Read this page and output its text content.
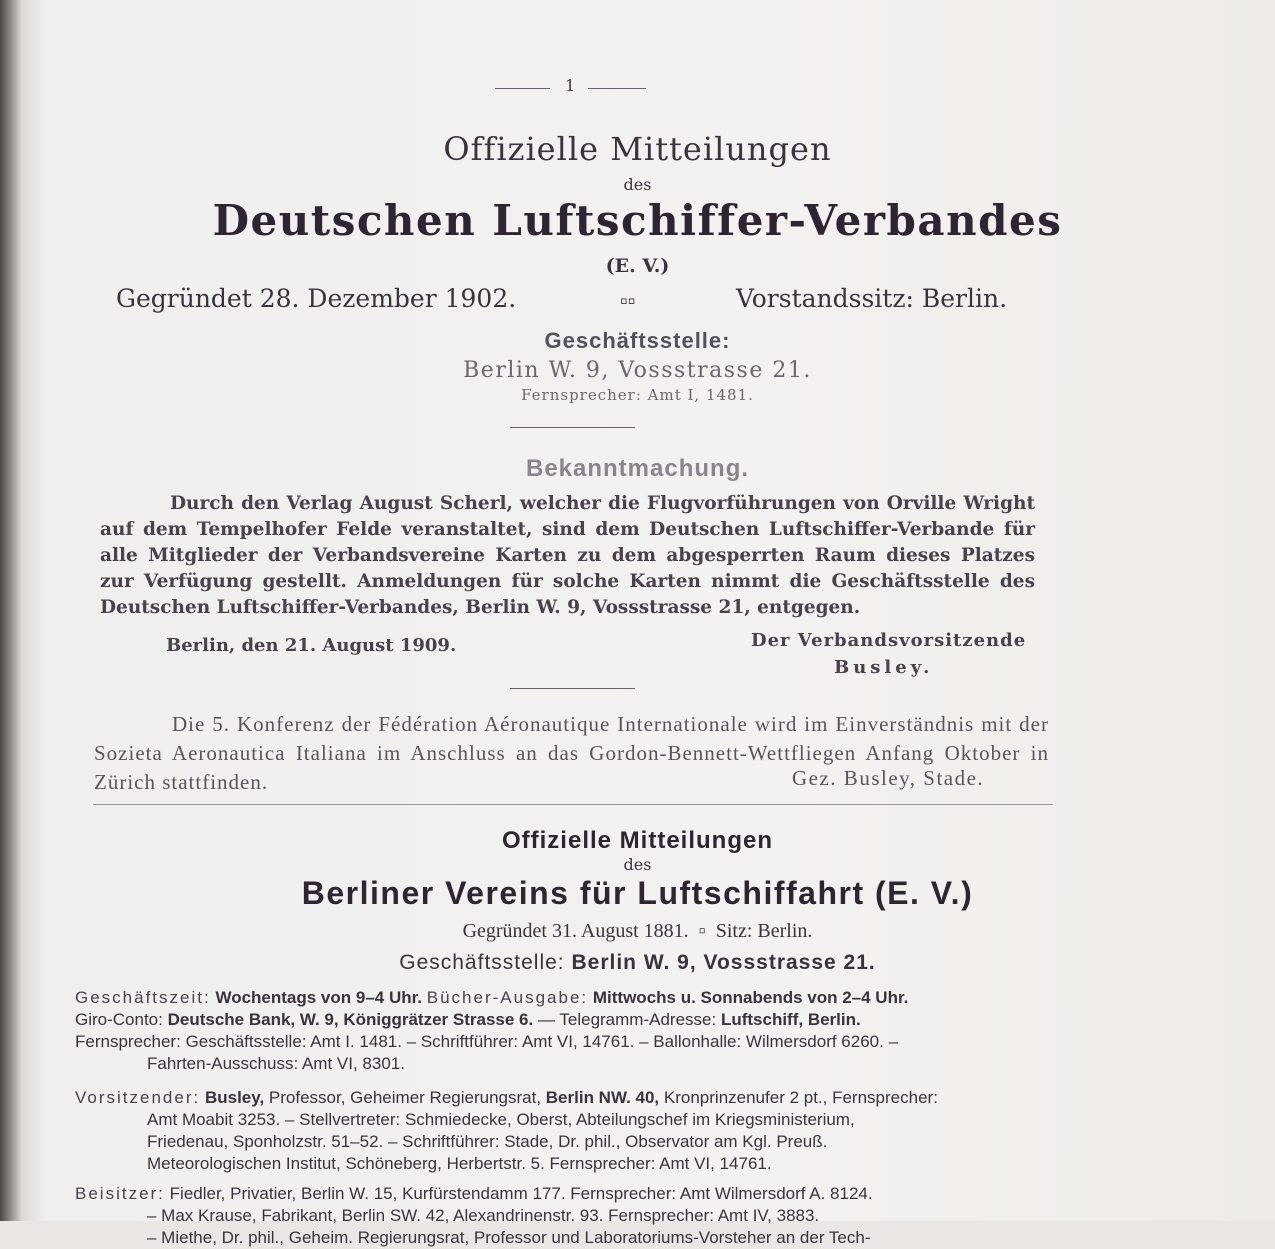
1
Offizielle Mitteilungen
des
Deutschen Luftschiffer-Verbandes
(E. V.)
Gegründet 28. Dezember 1902.	▫▫	Vorstandssitz: Berlin.
Geschäftsstelle:
Berlin W. 9, Vossstrasse 21.
Fernsprecher: Amt I, 1481.
Bekanntmachung.
Durch den Verlag August Scherl, welcher die Flugvorführungen von Orville Wright auf dem Tempelhofer Felde veranstaltet, sind dem Deutschen Luftschiffer-Verbande für alle Mitglieder der Verbandsvereine Karten zu dem abgesperrten Raum dieses Platzes zur Verfügung gestellt. Anmeldungen für solche Karten nimmt die Geschäftsstelle des Deutschen Luftschiffer-Verbandes, Berlin W. 9, Vossstrasse 21, entgegen.
Berlin, den 21. August 1909.	Der Verbandsvorsitzende
Busley.
Die 5. Konferenz der Fédération Aéronautique Internationale wird im Einverständnis mit der Sozieta Aeronautica Italiana im Anschluss an das Gordon-Bennett-Wettfliegen Anfang Oktober in Zürich stattfinden.	Gez. Busley, Stade.
Offizielle Mitteilungen
des
Berliner Vereins für Luftschiffahrt (E. V.)
Gegründet 31. August 1881. ▫ Sitz: Berlin.
Geschäftsstelle: Berlin W. 9, Vossstrasse 21.
Geschäftszeit: Wochentags von 9–4 Uhr. Bücher-Ausgabe: Mittwochs u. Sonnabends von 2–4 Uhr.
Giro-Conto: Deutsche Bank, W. 9, Königgrätzer Strasse 6. — Telegramm-Adresse: Luftschiff, Berlin.
Fernsprecher: Geschäftsstelle: Amt I. 1481. – Schriftführer: Amt VI, 14761. – Ballonhalle: Wilmersdorf 6260. –
Fahrten-Ausschuss: Amt VI, 8301.
Vorsitzender: Busley, Professor, Geheimer Regierungsrat, Berlin NW. 40, Kronprinzenufer 2 pt., Fernsprecher:
Amt Moabit 3253. – Stellvertreter: Schmiedecke, Oberst, Abteilungschef im Kriegsministerium,
Friedenau, Sponholzstr. 51–52. – Schriftführer: Stade, Dr. phil., Observator am Kgl. Preuß.
Meteorologischen Institut, Schöneberg, Herbertstr. 5. Fernsprecher: Amt VI, 14761.
Beisitzer: Fiedler, Privatier, Berlin W. 15, Kurfürstendamm 177. Fernsprecher: Amt Wilmersdorf A. 8124.
– Max Krause, Fabrikant, Berlin SW. 42, Alexandrinenstr. 93. Fernsprecher: Amt IV, 3883.
– Miethe, Dr. phil., Geheim. Regierungsrat, Professor und Laboratoriums-Vorsteher an der Tech-
